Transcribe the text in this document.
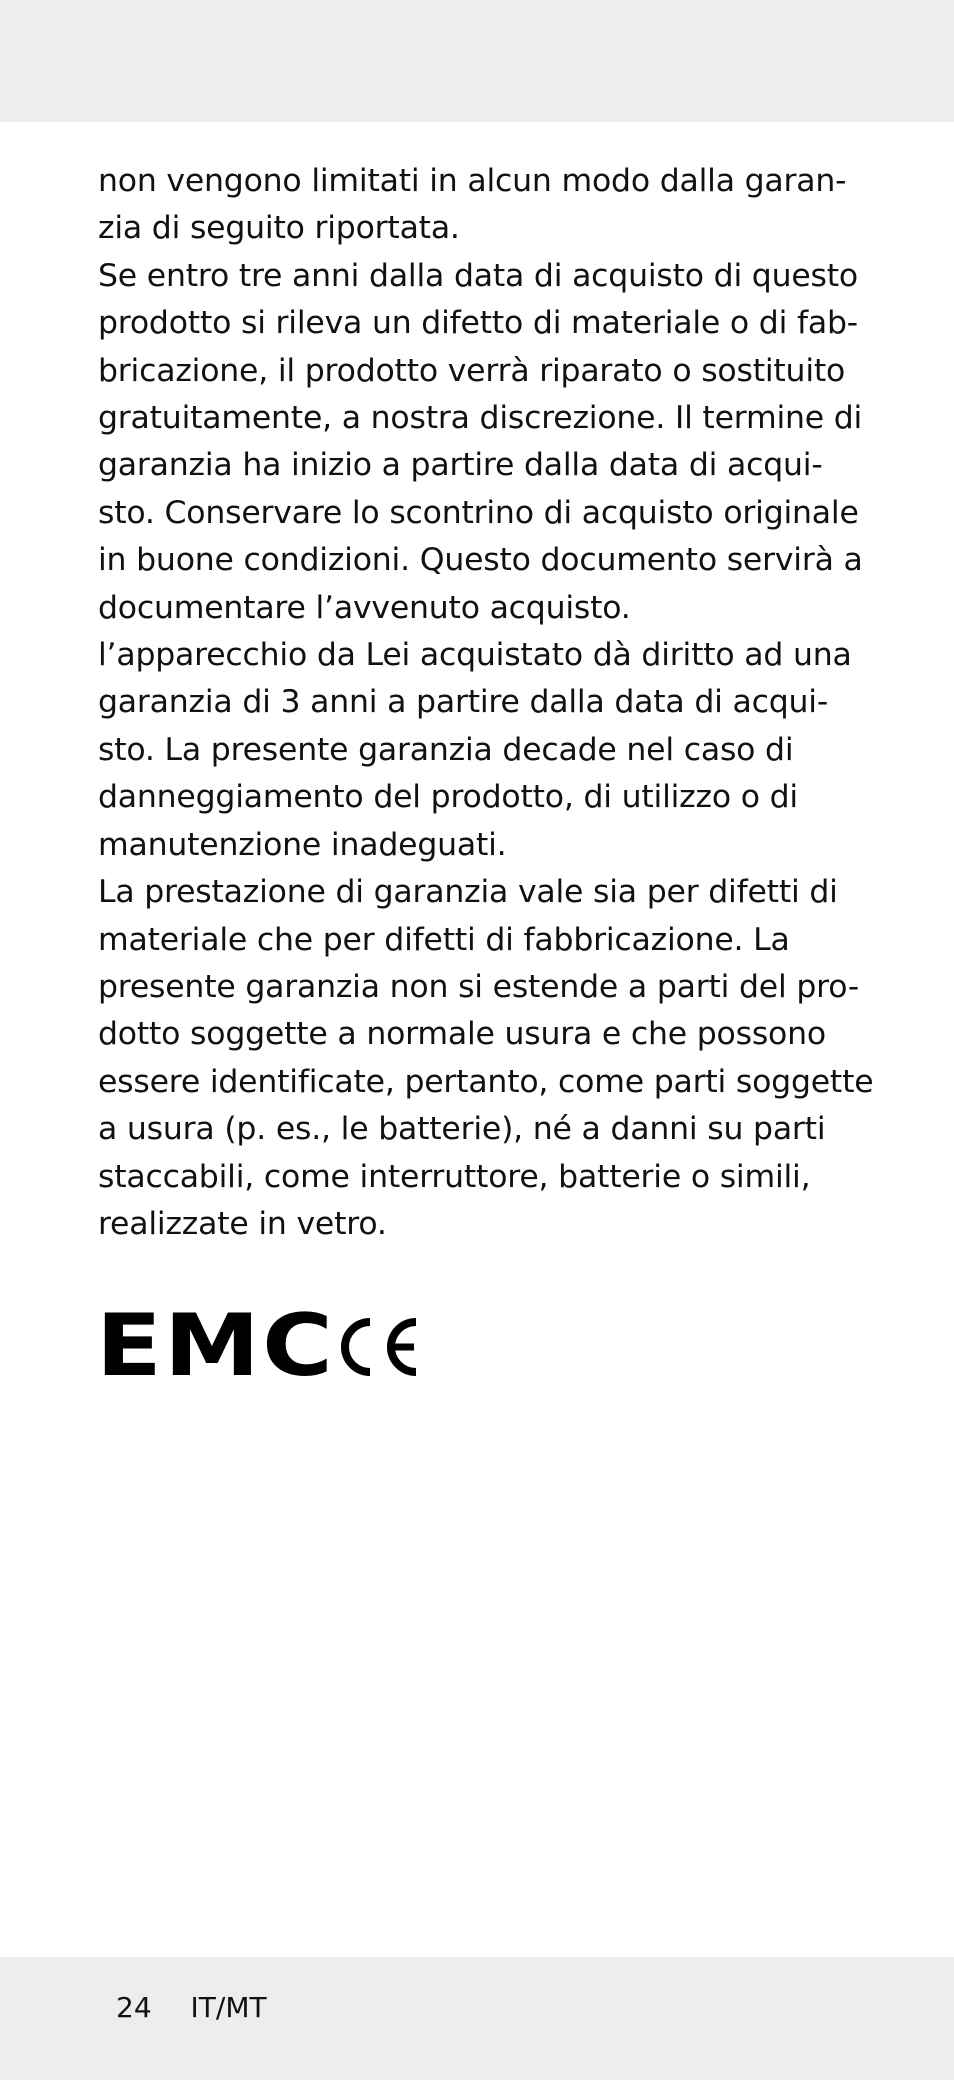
non vengono limitati in alcun modo dalla garan-

zia di seguito riportata.

Se entro tre anni dalla data di acquisto di questo

prodotto si rileva un difetto di materiale o di fab-

bricazione, il prodotto verrà riparato o sostituito

gratuitamente, a nostra discrezione. Il termine di

garanzia ha inizio a partire dalla data di acqui-

sto. Conservare lo scontrino di acquisto originale

in buone condizioni. Questo documento servirà a

documentare l’avvenuto acquisto.

l’apparecchio da Lei acquistato dà diritto ad una

garanzia di 3 anni a partire dalla data di acqui-

sto. La presente garanzia decade nel caso di

danneggiamento del prodotto, di utilizzo o di

manutenzione inadeguati.

La prestazione di garanzia vale sia per difetti di

materiale che per difetti di fabbricazione. La

presente garanzia non si estende a parti del pro-

dotto soggette a normale usura e che possono

essere identificate, pertanto, come parti soggette

a usura (p. es., le batterie), né a danni su parti

staccabili, come interruttore, batterie o simili,

realizzate in vetro.

EMC
24 IT/MT
